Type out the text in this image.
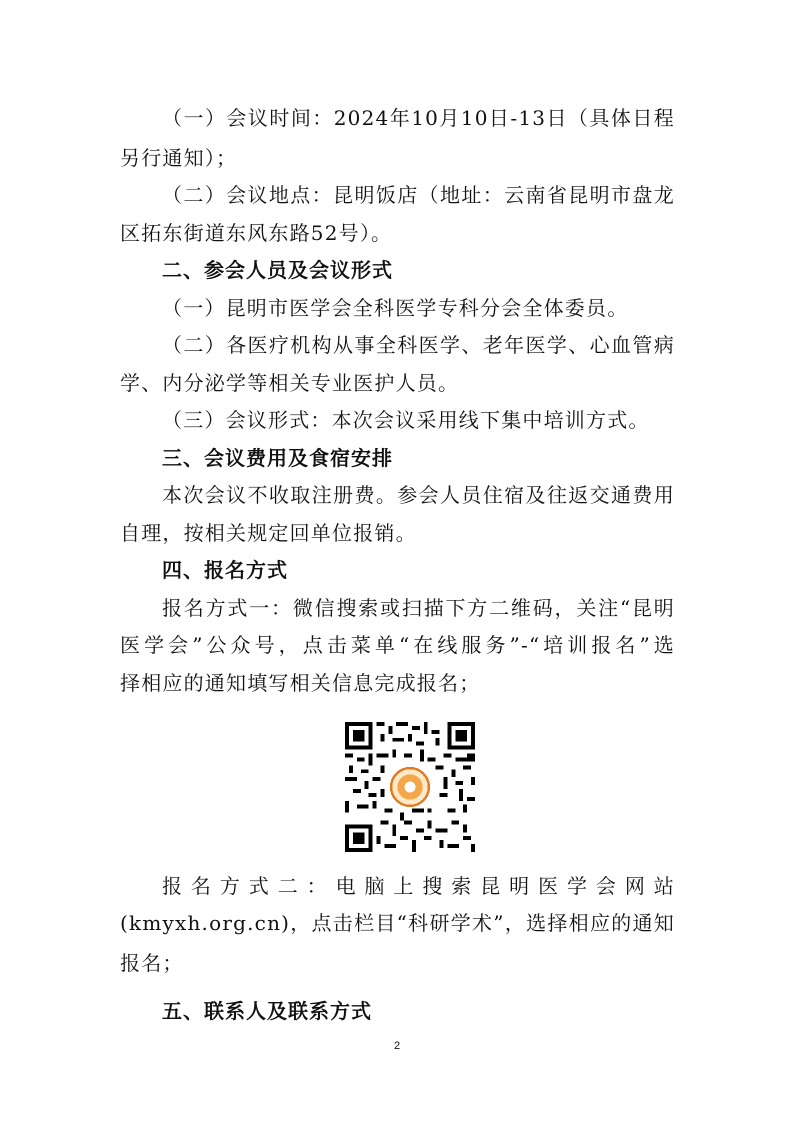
（一）会议时间：2024年10月10日-13日（具体日程
另行通知）；
（二）会议地点：昆明饭店（地址：云南省昆明市盘龙
区拓东街道东风东路52号）。
二、参会人员及会议形式
（一）昆明市医学会全科医学专科分会全体委员。
（二）各医疗机构从事全科医学、老年医学、心血管病
学、内分泌学等相关专业医护人员。
（三）会议形式：本次会议采用线下集中培训方式。
三、会议费用及食宿安排
本次会议不收取注册费。参会人员住宿及往返交通费用
自理，按相关规定回单位报销。
四、报名方式
报名方式一：微信搜索或扫描下方二维码，关注“昆明
医学会”公众号，点击菜单“在线服务”-“培训报名”选
择相应的通知填写相关信息完成报名；
报名方式二：电脑上搜索昆明医学会网站
(kmyxh.org.cn)，点击栏目“科研学术”，选择相应的通知
报名；
五、联系人及联系方式
2
